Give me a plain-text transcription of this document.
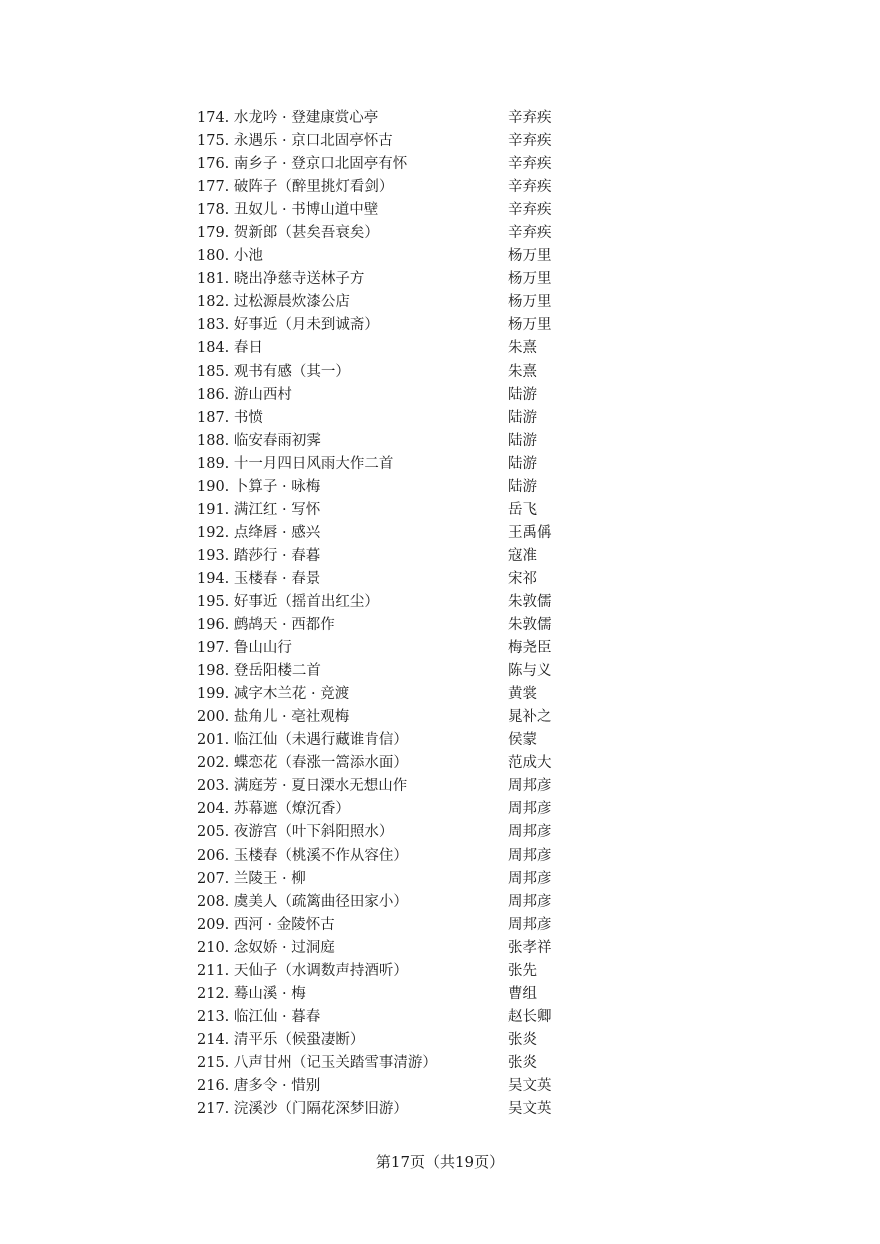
174. 水龙吟 · 登建康赏心亭	辛弃疾
175. 永遇乐 · 京口北固亭怀古	辛弃疾
176. 南乡子 · 登京口北固亭有怀	辛弃疾
177. 破阵子（醉里挑灯看剑）	辛弃疾
178. 丑奴儿 · 书博山道中壁	辛弃疾
179. 贺新郎（甚矣吾衰矣）	辛弃疾
180. 小池	杨万里
181. 晓出净慈寺送林子方	杨万里
182. 过松源晨炊漆公店	杨万里
183. 好事近（月未到诚斋）	杨万里
184. 春日	朱熹
185. 观书有感（其一）	朱熹
186. 游山西村	陆游
187. 书愤	陆游
188. 临安春雨初霁	陆游
189. 十一月四日风雨大作二首	陆游
190. 卜算子 · 咏梅	陆游
191. 满江红 · 写怀	岳飞
192. 点绛唇 · 感兴	王禹偁
193. 踏莎行 · 春暮	寇准
194. 玉楼春 · 春景	宋祁
195. 好事近（摇首出红尘）	朱敦儒
196. 鹧鸪天 · 西都作	朱敦儒
197. 鲁山山行	梅尧臣
198. 登岳阳楼二首	陈与义
199. 减字木兰花 · 竞渡	黄裳
200. 盐角儿 · 亳社观梅	晁补之
201. 临江仙（未遇行藏谁肯信）	侯蒙
202. 蝶恋花（春涨一篙添水面）	范成大
203. 满庭芳 · 夏日溧水无想山作	周邦彦
204. 苏幕遮（燎沉香）	周邦彦
205. 夜游宫（叶下斜阳照水）	周邦彦
206. 玉楼春（桃溪不作从容住）	周邦彦
207. 兰陵王 · 柳	周邦彦
208. 虞美人（疏篱曲径田家小）	周邦彦
209. 西河 · 金陵怀古	周邦彦
210. 念奴娇 · 过洞庭	张孝祥
211. 天仙子（水调数声持酒听）	张先
212. 蓦山溪 · 梅	曹组
213. 临江仙 · 暮春	赵长卿
214. 清平乐（候蛩凄断）	张炎
215. 八声甘州（记玉关踏雪事清游）	张炎
216. 唐多令 · 惜别	吴文英
217. 浣溪沙（门隔花深梦旧游）	吴文英
第17页（共19页）
